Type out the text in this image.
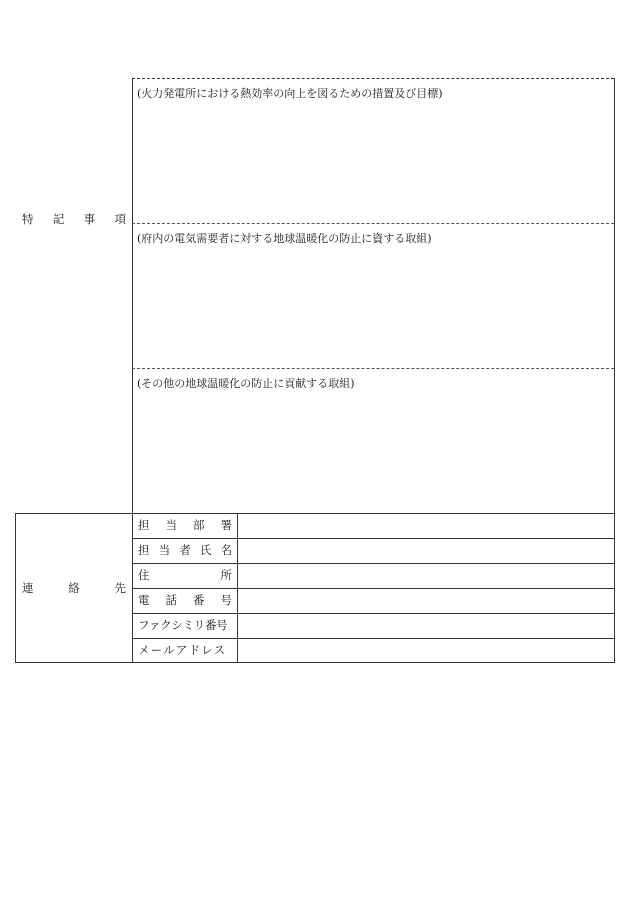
特 記 事 項
(火力発電所における熱効率の向上を図るための措置及び目標)
(府内の電気需要者に対する地球温暖化の防止に資する取組)
(その他の地球温暖化の防止に貢献する取組)
連	絡	先
担 当 部 署
担 当 者 氏 名
住	所
電 話 番 号
ファクシミリ番号
メールアドレス
